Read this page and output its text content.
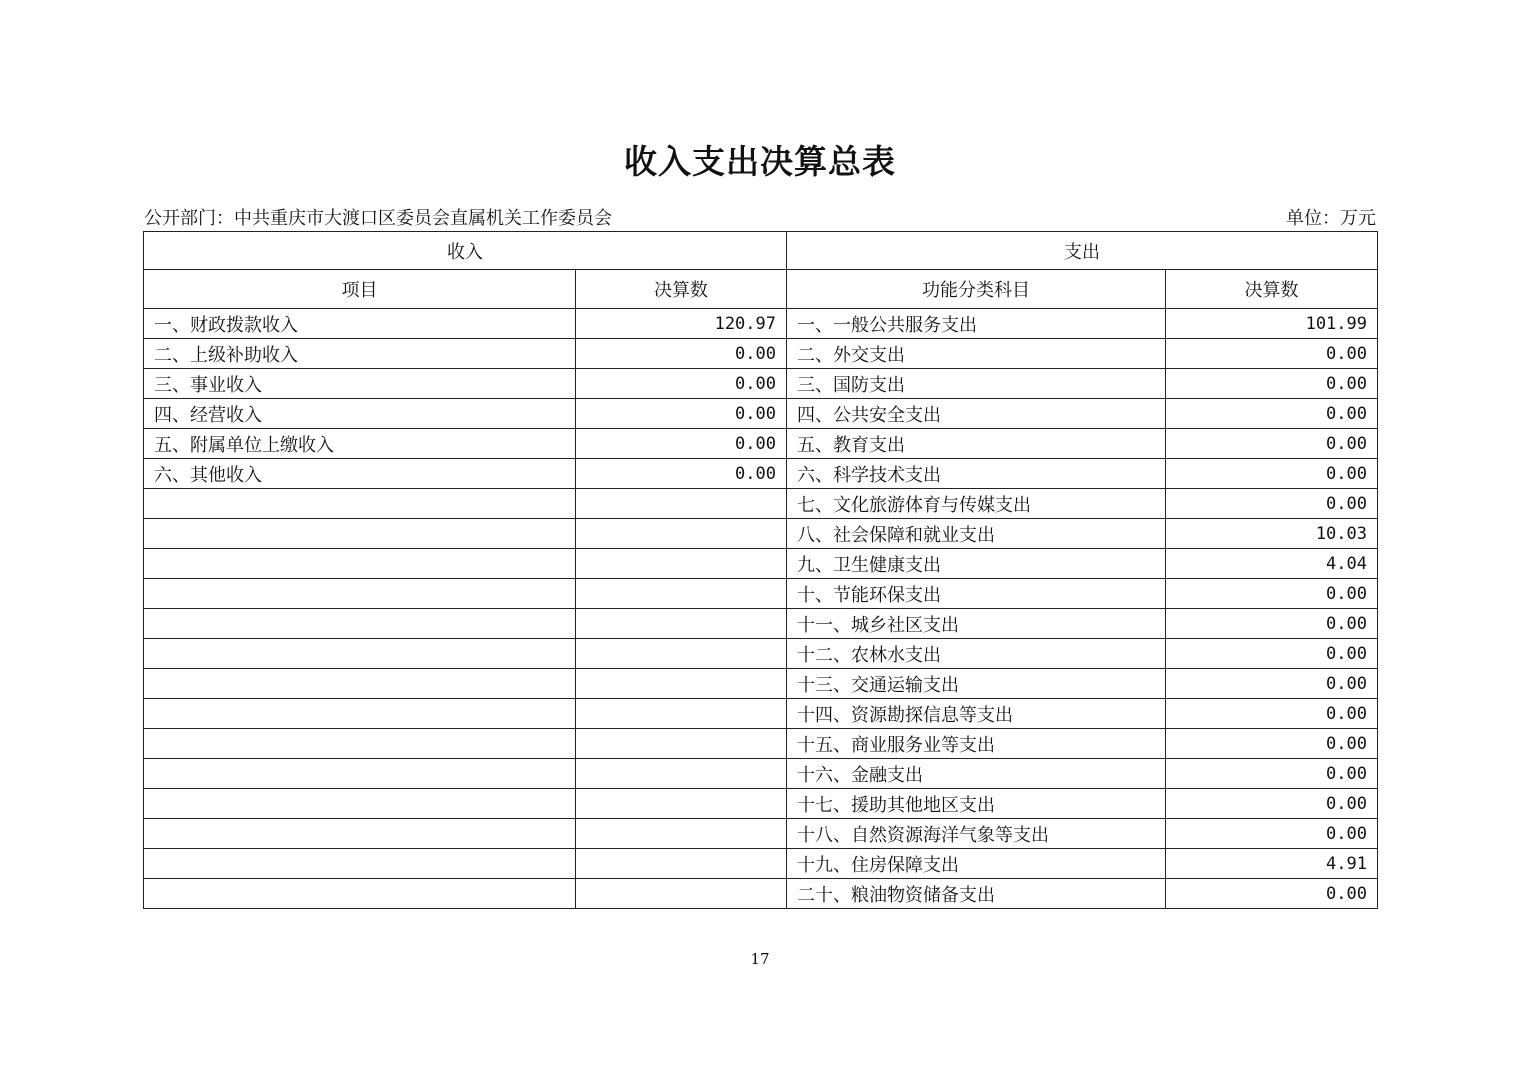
收入支出决算总表
公开部门：中共重庆市大渡口区委员会直属机关工作委员会	单位：万元
收入		支出	
项目	决算数	功能分类科目	决算数
一、财政拨款收入	120.97	一、一般公共服务支出	101.99
二、上级补助收入	0.00	二、外交支出	0.00
三、事业收入	0.00	三、国防支出	0.00
四、经营收入	0.00	四、公共安全支出	0.00
五、附属单位上缴收入	0.00	五、教育支出	0.00
六、其他收入	0.00	六、科学技术支出	0.00
		七、文化旅游体育与传媒支出	0.00
		八、社会保障和就业支出	10.03
		九、卫生健康支出	4.04
		十、节能环保支出	0.00
		十一、城乡社区支出	0.00
		十二、农林水支出	0.00
		十三、交通运输支出	0.00
		十四、资源勘探信息等支出	0.00
		十五、商业服务业等支出	0.00
		十六、金融支出	0.00
		十七、援助其他地区支出	0.00
		十八、自然资源海洋气象等支出	0.00
		十九、住房保障支出	4.91
		二十、粮油物资储备支出	0.00
17
